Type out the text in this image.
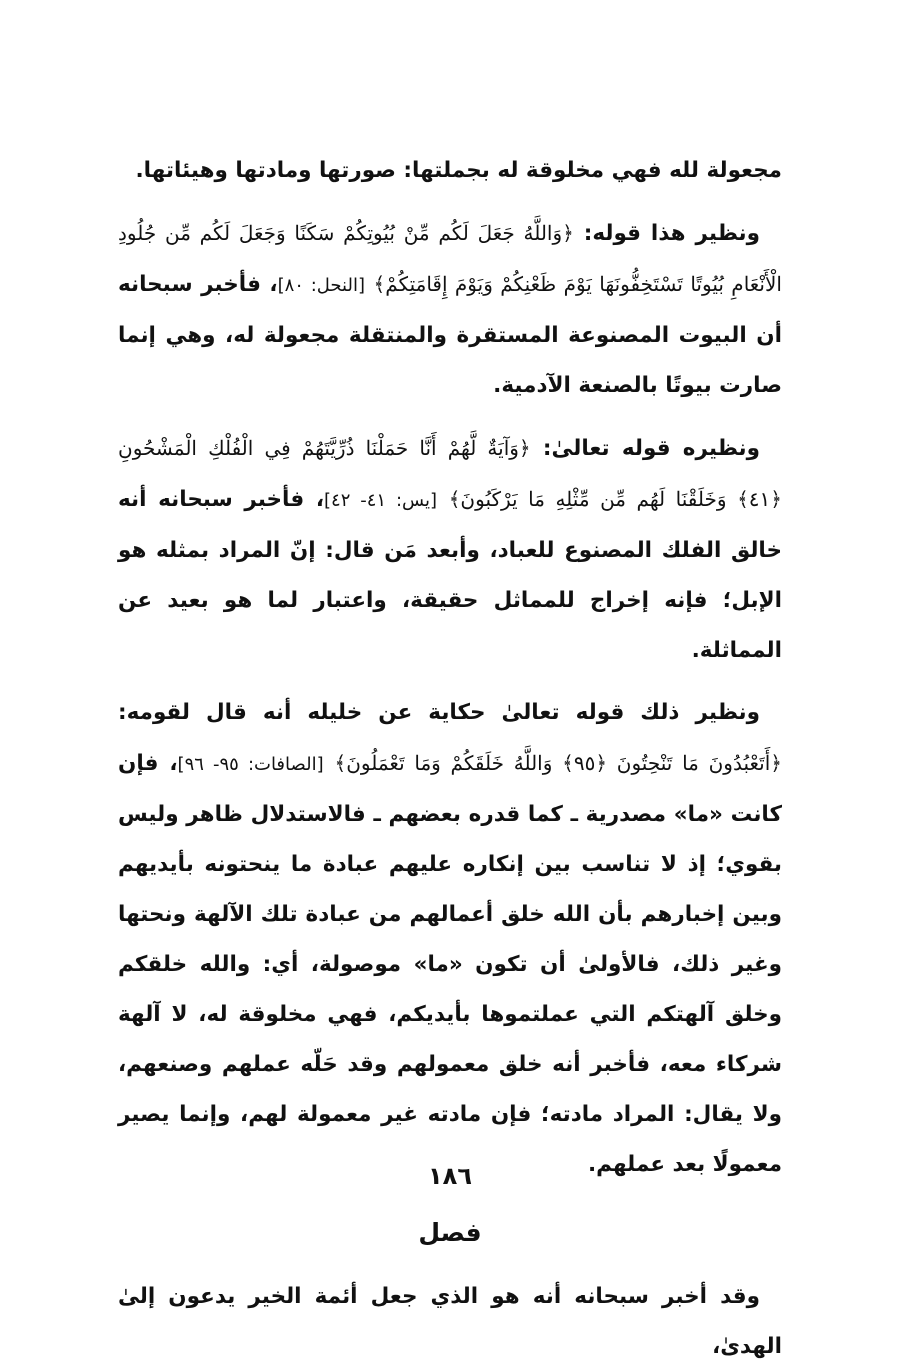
مجعولة لله فهي مخلوقة له بجملتها: صورتها ومادتها وهيئاتها.

ونظير هذا قوله: ﴿وَاللَّهُ جَعَلَ لَكُم مِّنْ بُيُوتِكُمْ سَكَنًا وَجَعَلَ لَكُم مِّن جُلُودِ الْأَنْعَامِ بُيُوتًا تَسْتَخِفُّونَهَا يَوْمَ ظَعْنِكُمْ وَيَوْمَ إِقَامَتِكُمْ﴾ [النحل: ٨٠]، فأخبر سبحانه أن البيوت المصنوعة المستقرة والمنتقلة مجعولة له، وهي إنما صارت بيوتًا بالصنعة الآدمية.

ونظيره قوله تعالىٰ: ﴿وَآيَةٌ لَّهُمْ أَنَّا حَمَلْنَا ذُرِّيَّتَهُمْ فِي الْفُلْكِ الْمَشْحُونِ ﴿٤١﴾ وَخَلَقْنَا لَهُم مِّن مِّثْلِهِ مَا يَرْكَبُونَ﴾ [يس: ٤١- ٤٢]، فأخبر سبحانه أنه خالق الفلك المصنوع للعباد، وأبعد مَن قال: إنّ المراد بمثله هو الإبل؛ فإنه إخراج للمماثل حقيقة، واعتبار لما هو بعيد عن المماثلة.

ونظير ذلك قوله تعالىٰ حكاية عن خليله أنه قال لقومه: ﴿أَتَعْبُدُونَ مَا تَنْحِتُونَ ﴿٩٥﴾ وَاللَّهُ خَلَقَكُمْ وَمَا تَعْمَلُونَ﴾ [الصافات: ٩٥- ٩٦]، فإن كانت «ما» مصدرية ـ كما قدره بعضهم ـ فالاستدلال ظاهر وليس بقوي؛ إذ لا تناسب بين إنكاره عليهم عبادة ما ينحتونه بأيديهم وبين إخبارهم بأن الله خلق أعمالهم من عبادة تلك الآلهة ونحتها وغير ذلك، فالأولىٰ أن تكون «ما» موصولة، أي: والله خلقكم وخلق آلهتكم التي عملتموها بأيديكم، فهي مخلوقة له، لا آلهة شركاء معه، فأخبر أنه خلق معمولهم وقد حَلّه عملهم وصنعهم، ولا يقال: المراد مادته؛ فإن مادته غير معمولة لهم، وإنما يصير معمولًا بعد عملهم.

فصل

وقد أخبر سبحانه أنه هو الذي جعل أئمة الخير يدعون إلىٰ الهدىٰ،

١٨٦
